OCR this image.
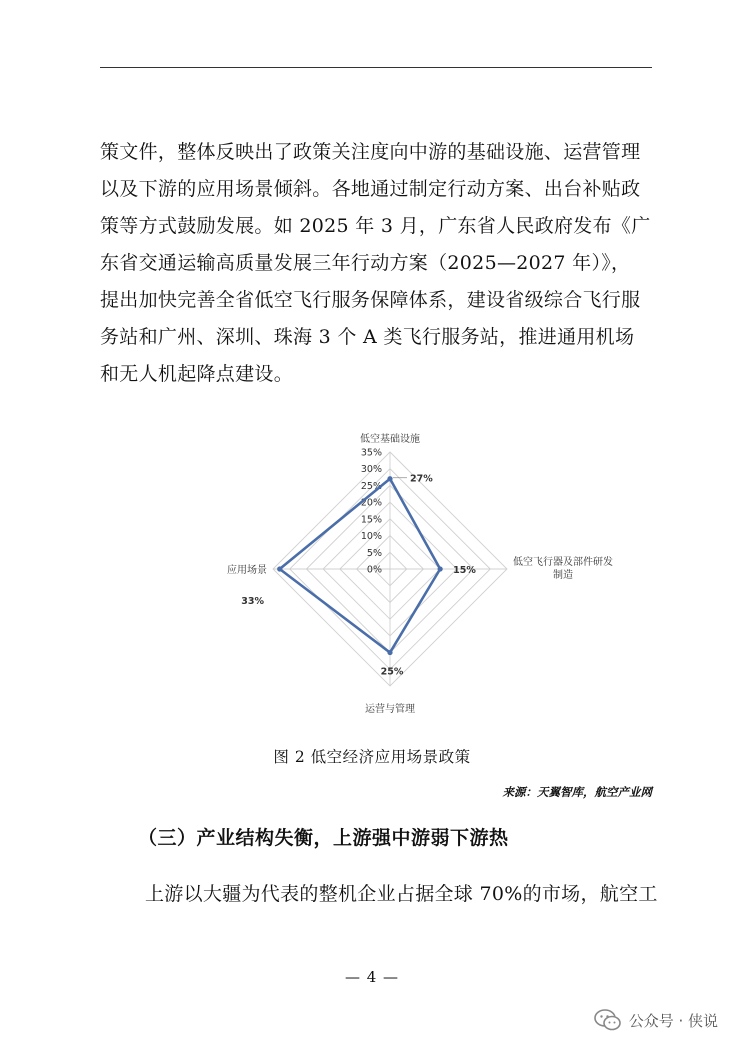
策文件，整体反映出了政策关注度向中游的基础设施、运营管理
以及下游的应用场景倾斜。各地通过制定行动方案、出台补贴政
策等方式鼓励发展。如 2025 年 3 月，广东省人民政府发布《广
东省交通运输高质量发展三年行动方案（2025—2027 年）》，
提出加快完善全省低空飞行服务保障体系，建设省级综合飞行服
务站和广州、深圳、珠海 3 个 A 类飞行服务站，推进通用机场
和无人机起降点建设。
0%
5%
10%
15%
20%
25%
30%
35%
27%
15%
25%
33%
低空基础设施
低空飞行器及部件研发
制造
运营与管理
应用场景
图 2 低空经济应用场景政策
来源：天翼智库，航空产业网
（三）产业结构失衡，上游强中游弱下游热
上游以大疆为代表的整机企业占据全球 70%的市场，航空工
— 4 —
公众号 · 侠说
